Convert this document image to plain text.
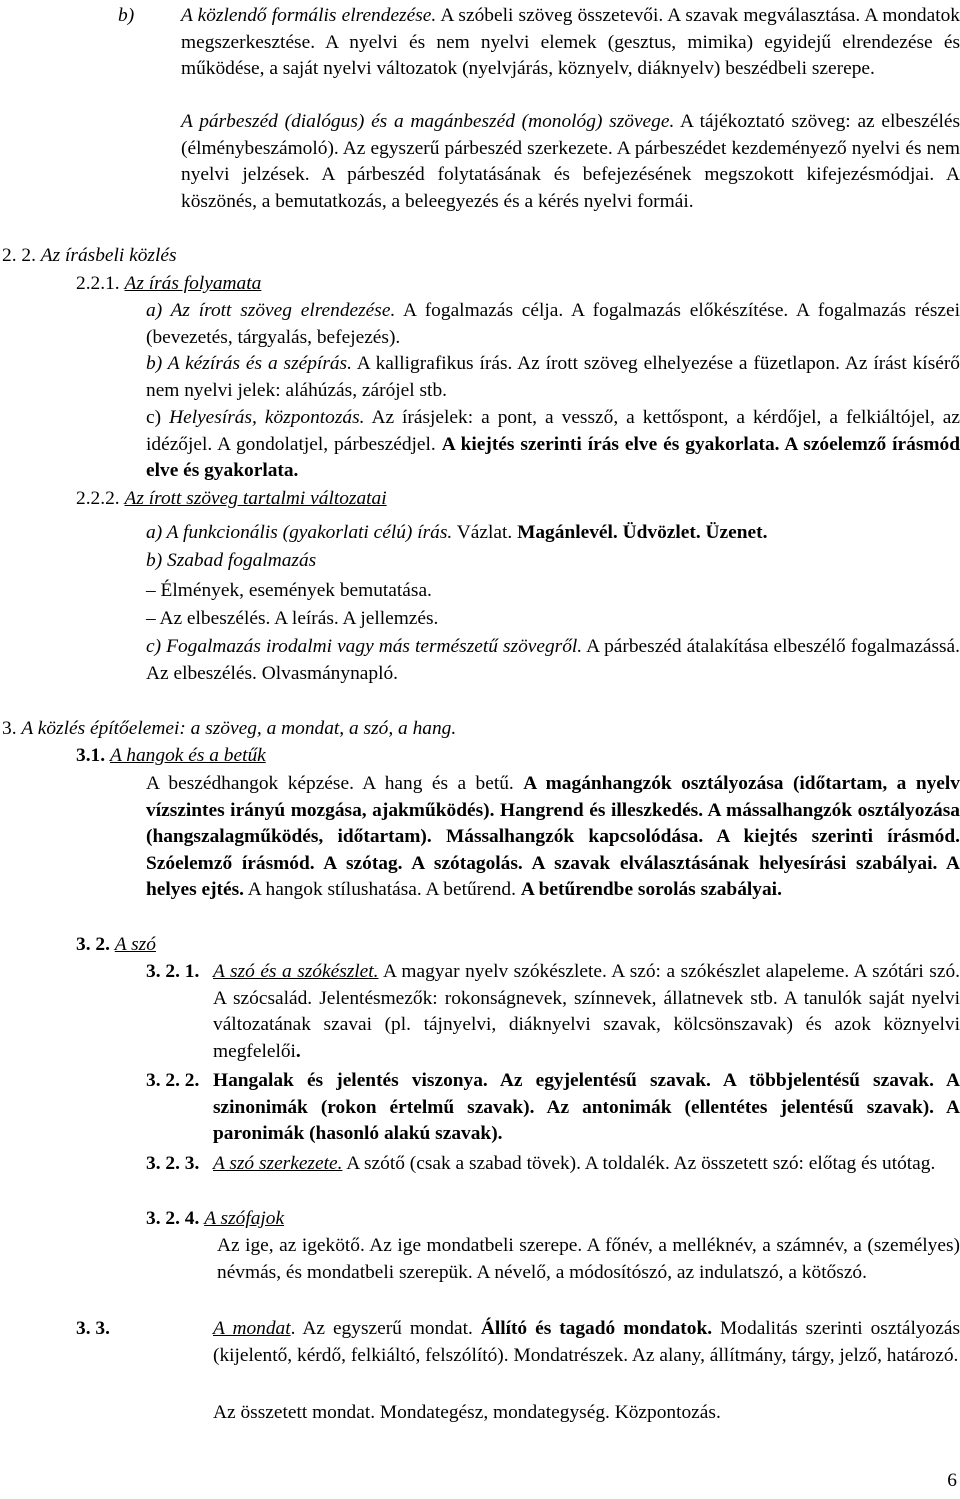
b) A közlendő formális elrendezése. A szóbeli szöveg összetevői. A szavak megválasztása. A mondatok megszerkesztése. A nyelvi és nem nyelvi elemek (gesztus, mimika) egyidejű elrendezése és működése, a saját nyelvi változatok (nyelvjárás, köznyelv, diáknyelv) beszédbeli szerepe.
A párbeszéd (dialógus) és a magánbeszéd (monológ) szövege. A tájékoztató szöveg: az elbeszélés (élménybeszámoló). Az egyszerű párbeszéd szerkezete. A párbeszédet kezdeményező nyelvi és nem nyelvi jelzések. A párbeszéd folytatásának és befejezésének megszokott kifejezésmódjai. A köszönés, a bemutatkozás, a beleegyezés és a kérés nyelvi formái.
2. 2. Az írásbeli közlés
2.2.1. Az írás folyamata
a) Az írott szöveg elrendezése. A fogalmazás célja. A fogalmazás előkészítése. A fogalmazás részei (bevezetés, tárgyalás, befejezés).
b) A kézírás és a szépírás. A kalligrafikus írás. Az írott szöveg elhelyezése a füzetlapon. Az írást kísérő nem nyelvi jelek: aláhúzás, zárójel stb.
c) Helyesírás, központozás. Az írásjelek: a pont, a vessző, a kettőspont, a kérdőjel, a felkiáltójel, az idézőjel. A gondolatjel, párbeszédjel. A kiejtés szerinti írás elve és gyakorlata. A szóelemző írásmód elve és gyakorlata.
2.2.2. Az írott szöveg tartalmi változatai
a) A funkcionális (gyakorlati célú) írás. Vázlat. Magánlevél. Üdvözlet. Üzenet.
b) Szabad fogalmazás
– Élmények, események bemutatása.
– Az elbeszélés. A leírás. A jellemzés.
c) Fogalmazás irodalmi vagy más természetű szövegről. A párbeszéd átalakítása elbeszélő fogalmazássá. Az elbeszélés. Olvasmánynapló.
3. A közlés építőelemei: a szöveg, a mondat, a szó, a hang.
3.1. A hangok és a betűk
A beszédhangok képzése. A hang és a betű. A magánhangzók osztályozása (időtartam, a nyelv vízszintes irányú mozgása, ajakműködés). Hangrend és illeszkedés. A mássalhangzók osztályozása (hangszalagműködés, időtartam). Mássalhangzók kapcsolódása. A kiejtés szerinti írásmód. Szóelemző írásmód. A szótag. A szótagolás. A szavak elválasztásának helyesírási szabályai. A helyes ejtés. A hangok stílushatása. A betűrend. A betűrendbe sorolás szabályai.
3. 2. A szó
3. 2. 1. A szó és a szókészlet. A magyar nyelv szókészlete. A szó: a szókészlet alapeleme. A szótári szó. A szócsalád. Jelentésmezők: rokonságnevek, színnevek, állatnevek stb. A tanulók saját nyelvi változatának szavai (pl. tájnyelvi, diáknyelvi szavak, kölcsönszavak) és azok köznyelvi megfelelői.
3. 2. 2. Hangalak és jelentés viszonya. Az egyjelentésű szavak. A többjelentésű szavak. A szinonimák (rokon értelmű szavak). Az antonimák (ellentétes jelentésű szavak). A paronimák (hasonló alakú szavak).
3. 2. 3. A szó szerkezete. A szótő (csak a szabad tövek). A toldalék. Az összetett szó: előtag és utótag.
3. 2. 4. A szófajok
Az ige, az igekötő. Az ige mondatbeli szerepe. A főnév, a melléknév, a számnév, a (személyes) névmás, és mondatbeli szerepük. A névelő, a módosítószó, az indulatszó, a kötőszó.
3. 3.	A mondat. Az egyszerű mondat. Állító és tagadó mondatok. Modalitás szerinti osztályozás (kijelentő, kérdő, felkiáltó, felszólító). Mondatrészek. Az alany, állítmány, tárgy, jelző, határozó.
Az összetett mondat. Mondategész, mondategység. Központozás.
6
